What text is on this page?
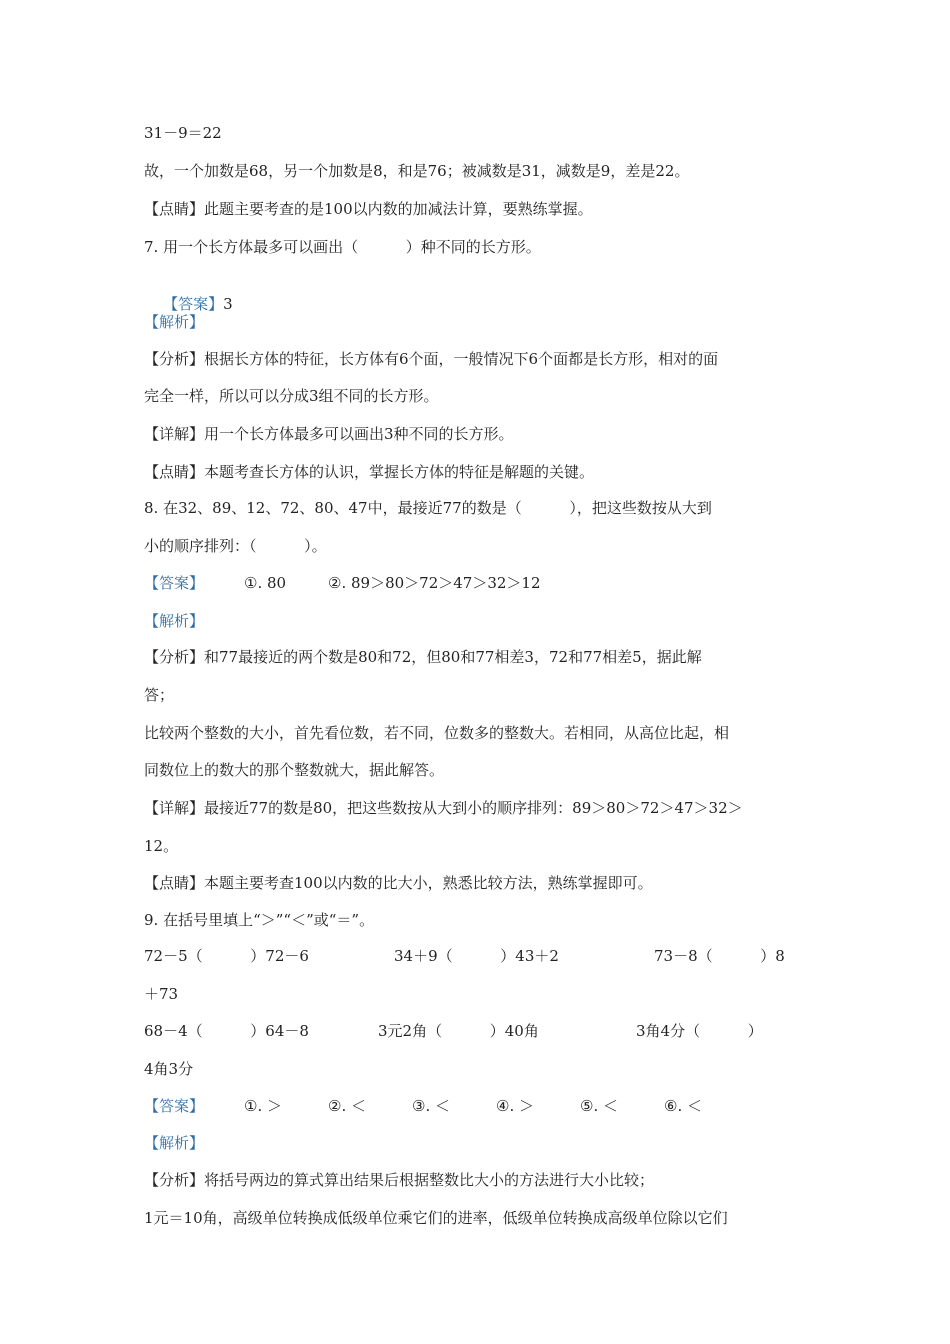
31－9＝22
故，一个加数是68，另一个加数是8，和是76；被减数是31，减数是9，差是22。
【点睛】此题主要考查的是100以内数的加减法计算，要熟练掌握。
7. 用一个长方体最多可以画出（          ）种不同的长方形。

【答案】3

【解析】
【分析】根据长方体的特征，长方体有6个面，一般情况下6个面都是长方形，相对的面
完全一样，所以可以分成3组不同的长方形。
【详解】用一个长方体最多可以画出3种不同的长方形。
【点睛】本题考查长方体的认识，掌握长方体的特征是解题的关键。
8. 在32、89、12、72、80、47中，最接近77的数是（          ），把这些数按从大到
小的顺序排列：（          ）。

【答案】

	①. 80

	②. 89＞80＞72＞47＞32＞12

【解析】
【分析】和77最接近的两个数是80和72，但80和77相差3，72和77相差5，据此解
答；
比较两个整数的大小，首先看位数，若不同，位数多的整数大。若相同，从高位比起，相
同数位上的数大的那个整数就大，据此解答。
【详解】最接近77的数是80，把这些数按从大到小的顺序排列：89＞80＞72＞47＞32＞
12。
【点睛】本题主要考查100以内数的比大小，熟悉比较方法，熟练掌握即可。
9. 在括号里填上“＞”“＜”或“＝”。

72－5（          ）72－6

	34＋9（          ）43＋2

	73－8（          ）8

＋73

68－4（          ）64－8

	3元2角（          ）40角

	3角4分（          ）

4角3分

【答案】

	①. ＞

	②. ＜

	③. ＜

	④. ＞

	⑤. ＜

	⑥. ＜

【解析】
【分析】将括号两边的算式算出结果后根据整数比大小的方法进行大小比较；
1元＝10角，高级单位转换成低级单位乘它们的进率，低级单位转换成高级单位除以它们
